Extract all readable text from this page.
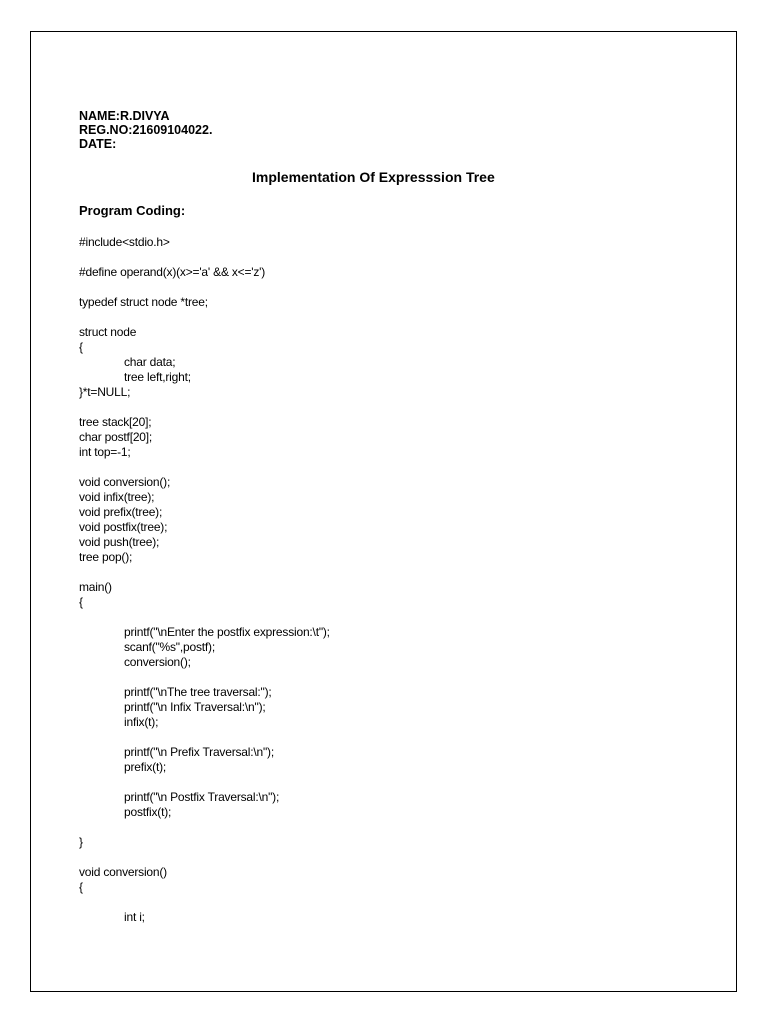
NAME:R.DIVYA
REG.NO:21609104022.
DATE:
Implementation Of Expresssion Tree
Program Coding:
#include<stdio.h>
#define operand(x)(x>='a' && x<='z')
typedef struct node *tree;
struct node
{
char data;
tree left,right;
}*t=NULL;
tree stack[20];
char postf[20];
int top=-1;
void conversion();
void infix(tree);
void prefix(tree);
void postfix(tree);
void push(tree);
tree pop();
main()
{
printf("\nEnter the postfix expression:\t");
scanf("%s",postf);
conversion();
printf("\nThe tree traversal:");
printf("\n Infix Traversal:\n");
infix(t);
printf("\n Prefix Traversal:\n");
prefix(t);
printf("\n Postfix Traversal:\n");
postfix(t);
}
void conversion()
{
int i;
